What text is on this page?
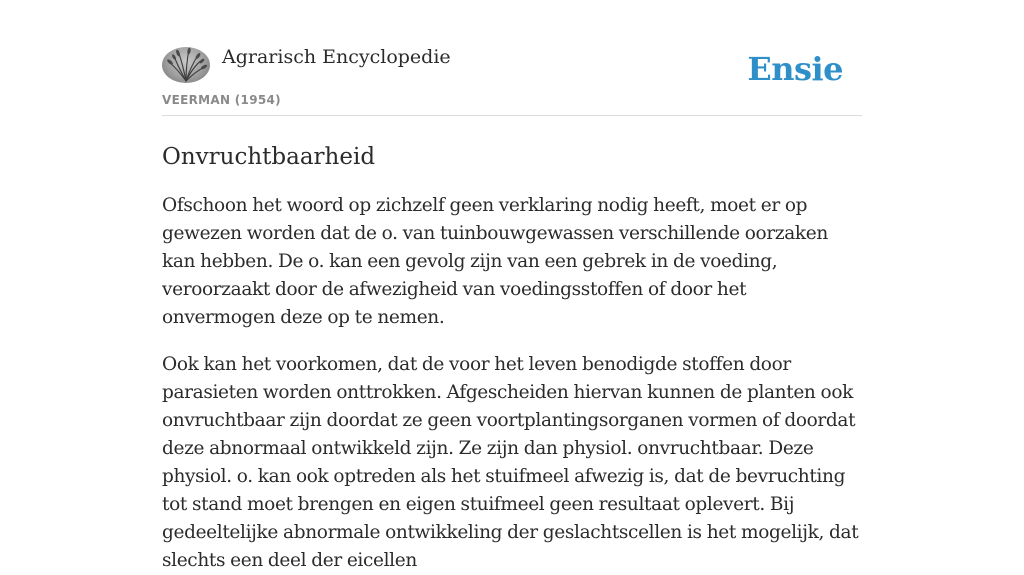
Agrarisch Encyclopedie
VEERMAN (1954)
Ensie
Onvruchtbaarheid

Ofschoon het woord op zichzelf geen verklaring nodig heeft, moet er op gewezen worden dat de o. van tuinbouwgewassen verschillende oorzaken kan hebben. De o. kan een gevolg zijn van een gebrek in de voeding, veroorzaakt door de afwezigheid van voedingsstoffen of door het onvermogen deze op te nemen.

Ook kan het voorkomen, dat de voor het leven benodigde stoffen door parasieten worden onttrokken. Afgescheiden hiervan kunnen de planten ook onvruchtbaar zijn doordat ze geen voortplantingsorganen vormen of doordat deze abnormaal ontwikkeld zijn. Ze zijn dan physiol. onvruchtbaar. Deze physiol. o. kan ook optreden als het stuifmeel afwezig is, dat de bevruchting tot stand moet brengen en eigen stuifmeel geen resultaat oplevert. Bij gedeeltelijke abnormale ontwikkeling der geslachtscellen is het mogelijk, dat slechts een deel der eicellen
